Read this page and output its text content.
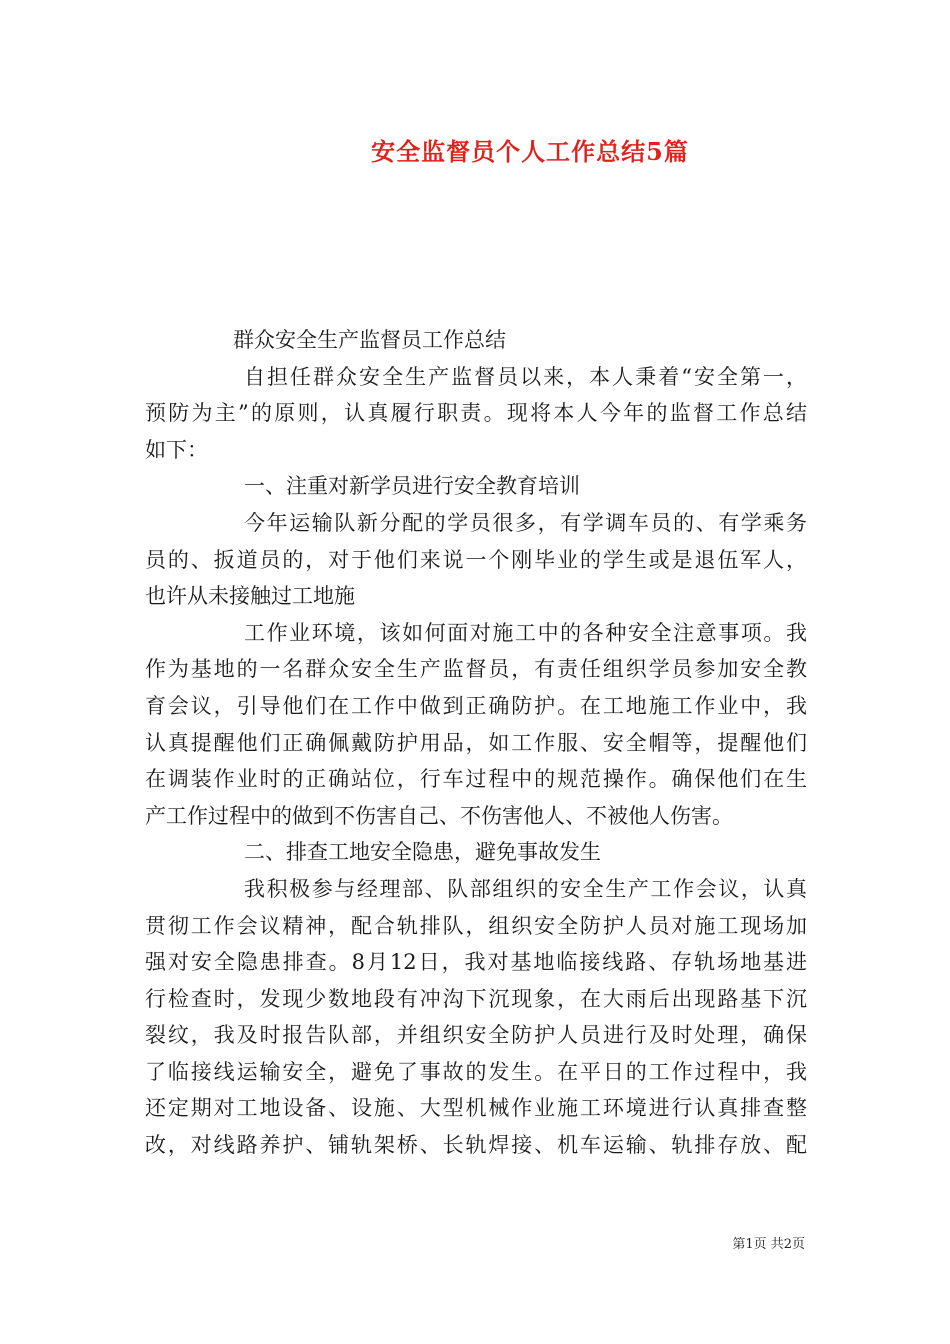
安全监督员个人工作总结5篇
群众安全生产监督员工作总结
自担任群众安全生产监督员以来，本人秉着“安全第一，
预防为主”的原则，认真履行职责。现将本人今年的监督工作总结
如下：
一、注重对新学员进行安全教育培训
今年运输队新分配的学员很多，有学调车员的、有学乘务
员的、扳道员的，对于他们来说一个刚毕业的学生或是退伍军人，
也许从未接触过工地施
工作业环境，该如何面对施工中的各种安全注意事项。我
作为基地的一名群众安全生产监督员，有责任组织学员参加安全教
育会议，引导他们在工作中做到正确防护。在工地施工作业中，我
认真提醒他们正确佩戴防护用品，如工作服、安全帽等，提醒他们
在调装作业时的正确站位，行车过程中的规范操作。确保他们在生
产工作过程中的做到不伤害自己、不伤害他人、不被他人伤害。
二、排查工地安全隐患，避免事故发生
我积极参与经理部、队部组织的安全生产工作会议，认真
贯彻工作会议精神，配合轨排队，组织安全防护人员对施工现场加
强对安全隐患排查。8月12日，我对基地临接线路、存轨场地基进
行检查时，发现少数地段有冲沟下沉现象，在大雨后出现路基下沉
裂纹，我及时报告队部，并组织安全防护人员进行及时处理，确保
了临接线运输安全，避免了事故的发生。在平日的工作过程中，我
还定期对工地设备、设施、大型机械作业施工环境进行认真排查整
改，对线路养护、铺轨架桥、长轨焊接、机车运输、轨排存放、配
第1页 共2页
